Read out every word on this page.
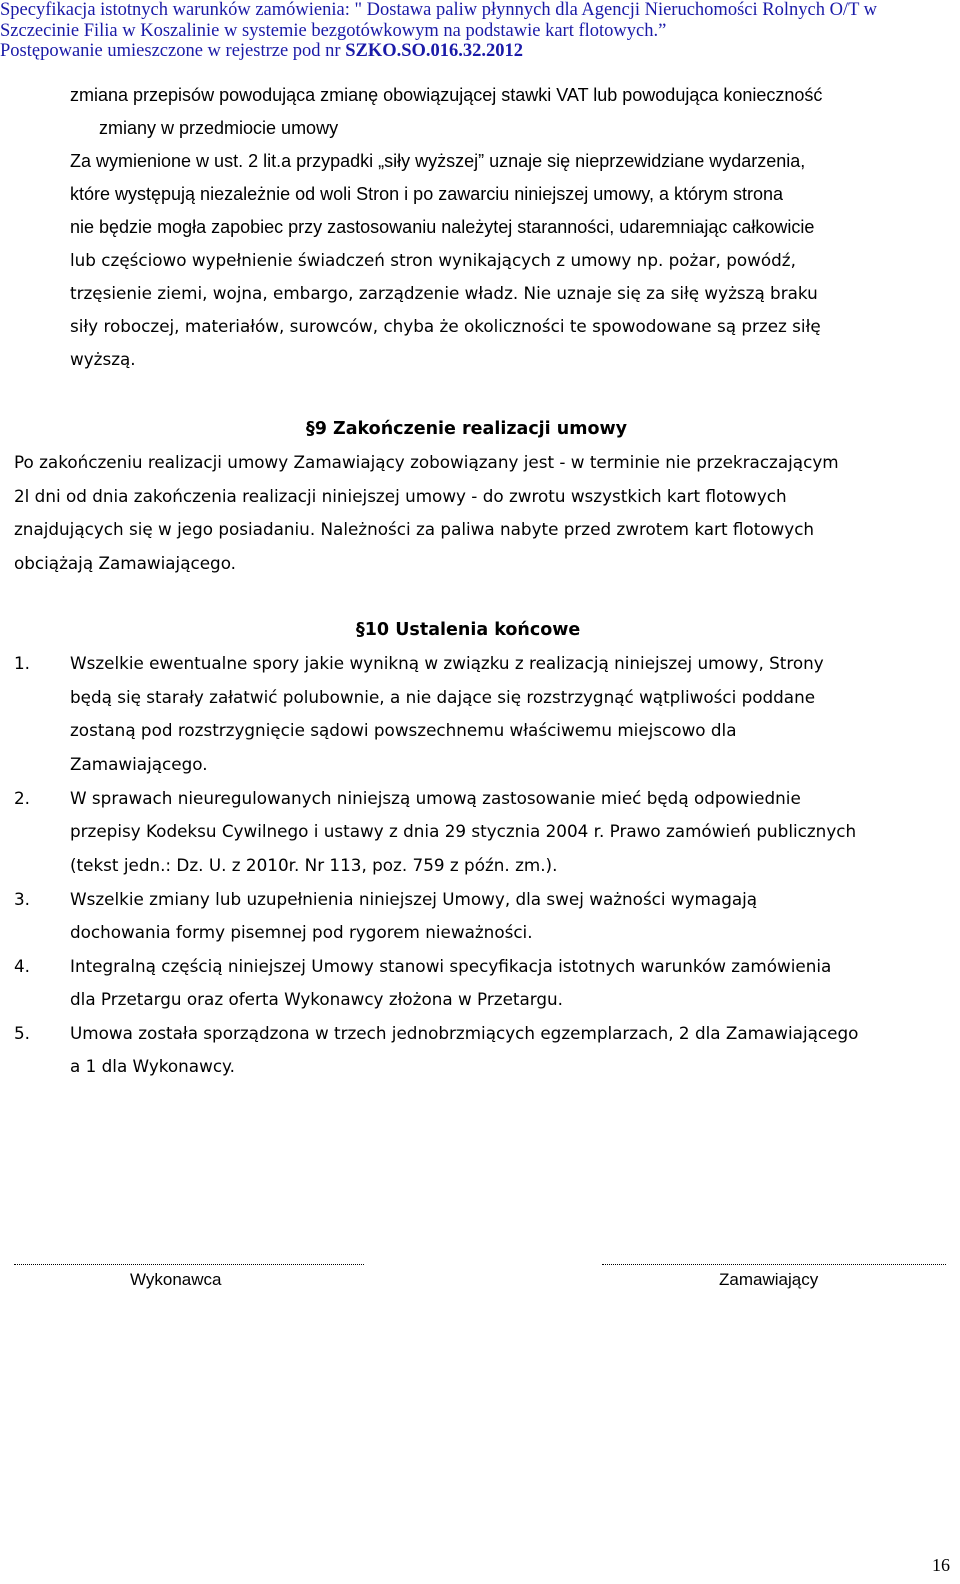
Specyfikacja istotnych warunków zamówienia: " Dostawa paliw płynnych dla Agencji Nieruchomości Rolnych O/T w
Szczecinie Filia w Koszalinie w systemie bezgotówkowym na podstawie kart flotowych.”
Postępowanie umieszczone w rejestrze pod nr SZKO.SO.016.32.2012
zmiana przepisów powodująca zmianę obowiązującej stawki VAT lub powodująca konieczność
zmiany w przedmiocie umowy
Za wymienione w ust. 2 lit.a przypadki „siły wyższej” uznaje się nieprzewidziane wydarzenia,
które występują niezależnie od woli Stron i po zawarciu niniejszej umowy, a którym strona
nie będzie mogła zapobiec przy zastosowaniu należytej staranności, udaremniając całkowicie
lub częściowo wypełnienie świadczeń stron wynikających z umowy np. pożar, powódź,
trzęsienie ziemi, wojna, embargo, zarządzenie władz. Nie uznaje się za siłę wyższą braku
siły roboczej, materiałów, surowców, chyba że okoliczności te spowodowane są przez siłę
wyższą.
§9 Zakończenie realizacji umowy
Po zakończeniu realizacji umowy Zamawiający zobowiązany jest - w terminie nie przekraczającym
2l dni od dnia zakończenia realizacji niniejszej umowy - do zwrotu wszystkich kart flotowych
znajdujących się w jego posiadaniu. Należności za paliwa nabyte przed zwrotem kart flotowych
obciążają Zamawiającego.
§10 Ustalenia końcowe
1. Wszelkie ewentualne spory jakie wynikną w związku z realizacją niniejszej umowy, Strony
będą się starały załatwić polubownie, a nie dające się rozstrzygnąć wątpliwości poddane
zostaną pod rozstrzygnięcie sądowi powszechnemu właściwemu miejscowo dla
Zamawiającego.
2. W sprawach nieuregulowanych niniejszą umową zastosowanie mieć będą odpowiednie
przepisy Kodeksu Cywilnego i ustawy z dnia 29 stycznia 2004 r. Prawo zamówień publicznych
(tekst jedn.: Dz. U. z 2010r. Nr 113, poz. 759 z późn. zm.).
3. Wszelkie zmiany lub uzupełnienia niniejszej Umowy, dla swej ważności wymagają
dochowania formy pisemnej pod rygorem nieważności.
4. Integralną częścią niniejszej Umowy stanowi specyfikacja istotnych warunków zamówienia
dla Przetargu oraz oferta Wykonawcy złożona w Przetargu.
5. Umowa została sporządzona w trzech jednobrzmiących egzemplarzach, 2 dla Zamawiającego
a 1 dla Wykonawcy.
Wykonawca	Zamawiający
16
